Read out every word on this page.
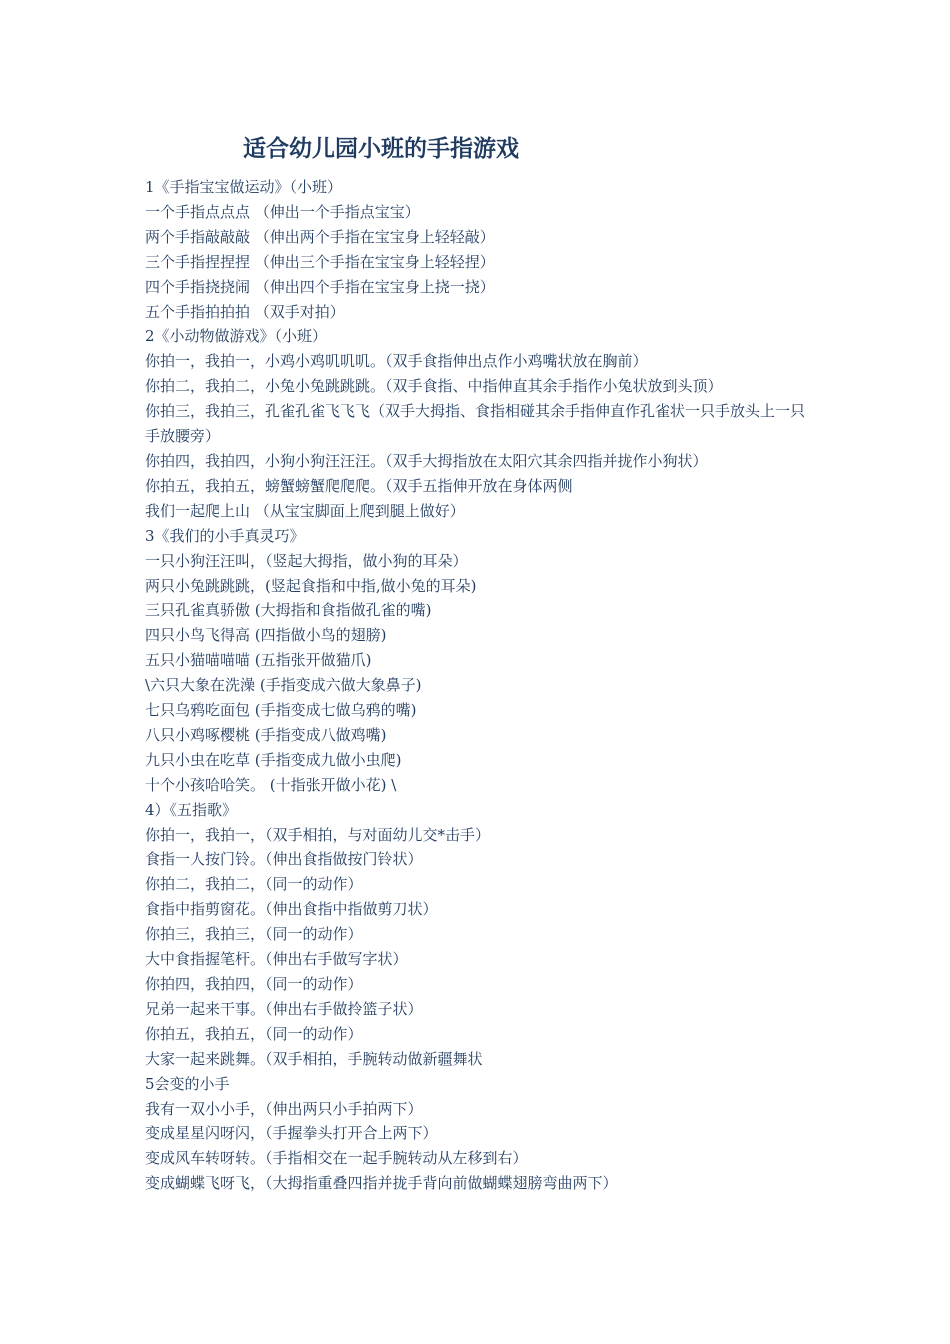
适合幼儿园小班的手指游戏

1《手指宝宝做运动》（小班）

一个手指点点点 （伸出一个手指点宝宝）

两个手指敲敲敲 （伸出两个手指在宝宝身上轻轻敲）

三个手指捏捏捏 （伸出三个手指在宝宝身上轻轻捏）

四个手指挠挠闹 （伸出四个手指在宝宝身上挠一挠）

五个手指拍拍拍 （双手对拍）

2《小动物做游戏》（小班）

你拍一，我拍一，小鸡小鸡叽叽叽。（双手食指伸出点作小鸡嘴状放在胸前）

你拍二，我拍二，小兔小兔跳跳跳。（双手食指、中指伸直其余手指作小兔状放到头顶）

你拍三，我拍三，孔雀孔雀飞飞飞（双手大拇指、食指相碰其余手指伸直作孔雀状一只手放头上一只手放腰旁）

你拍四，我拍四，小狗小狗汪汪汪。（双手大拇指放在太阳穴其余四指并拢作小狗状）

你拍五，我拍五，螃蟹螃蟹爬爬爬。（双手五指伸开放在身体两侧

我们一起爬上山 （从宝宝脚面上爬到腿上做好）

3《我们的小手真灵巧》

一只小狗汪汪叫，（竖起大拇指，做小狗的耳朵）

两只小兔跳跳跳，(竖起食指和中指,做小兔的耳朵)

三只孔雀真骄傲 (大拇指和食指做孔雀的嘴)

四只小鸟飞得高 (四指做小鸟的翅膀)

五只小猫喵喵喵 (五指张开做猫爪)

\六只大象在洗澡 (手指变成六做大象鼻子)

七只乌鸦吃面包 (手指变成七做乌鸦的嘴)

八只小鸡啄樱桃 (手指变成八做鸡嘴)

九只小虫在吃草 (手指变成九做小虫爬)

十个小孩哈哈笑。 (十指张开做小花) \

4）《五指歌》

你拍一，我拍一，（双手相拍，与对面幼儿交*击手）

食指一人按门铃。（伸出食指做按门铃状）

你拍二，我拍二，（同一的动作）

食指中指剪窗花。（伸出食指中指做剪刀状）

你拍三，我拍三，（同一的动作）

大中食指握笔杆。（伸出右手做写字状）

你拍四，我拍四，（同一的动作）

兄弟一起来干事。（伸出右手做拎篮子状）

你拍五，我拍五，（同一的动作）

大家一起来跳舞。（双手相拍，手腕转动做新疆舞状

5会变的小手

我有一双小小手，（伸出两只小手拍两下）

变成星星闪呀闪，（手握拳头打开合上两下）

变成风车转呀转。（手指相交在一起手腕转动从左移到右）

变成蝴蝶飞呀飞，（大拇指重叠四指并拢手背向前做蝴蝶翅膀弯曲两下）
